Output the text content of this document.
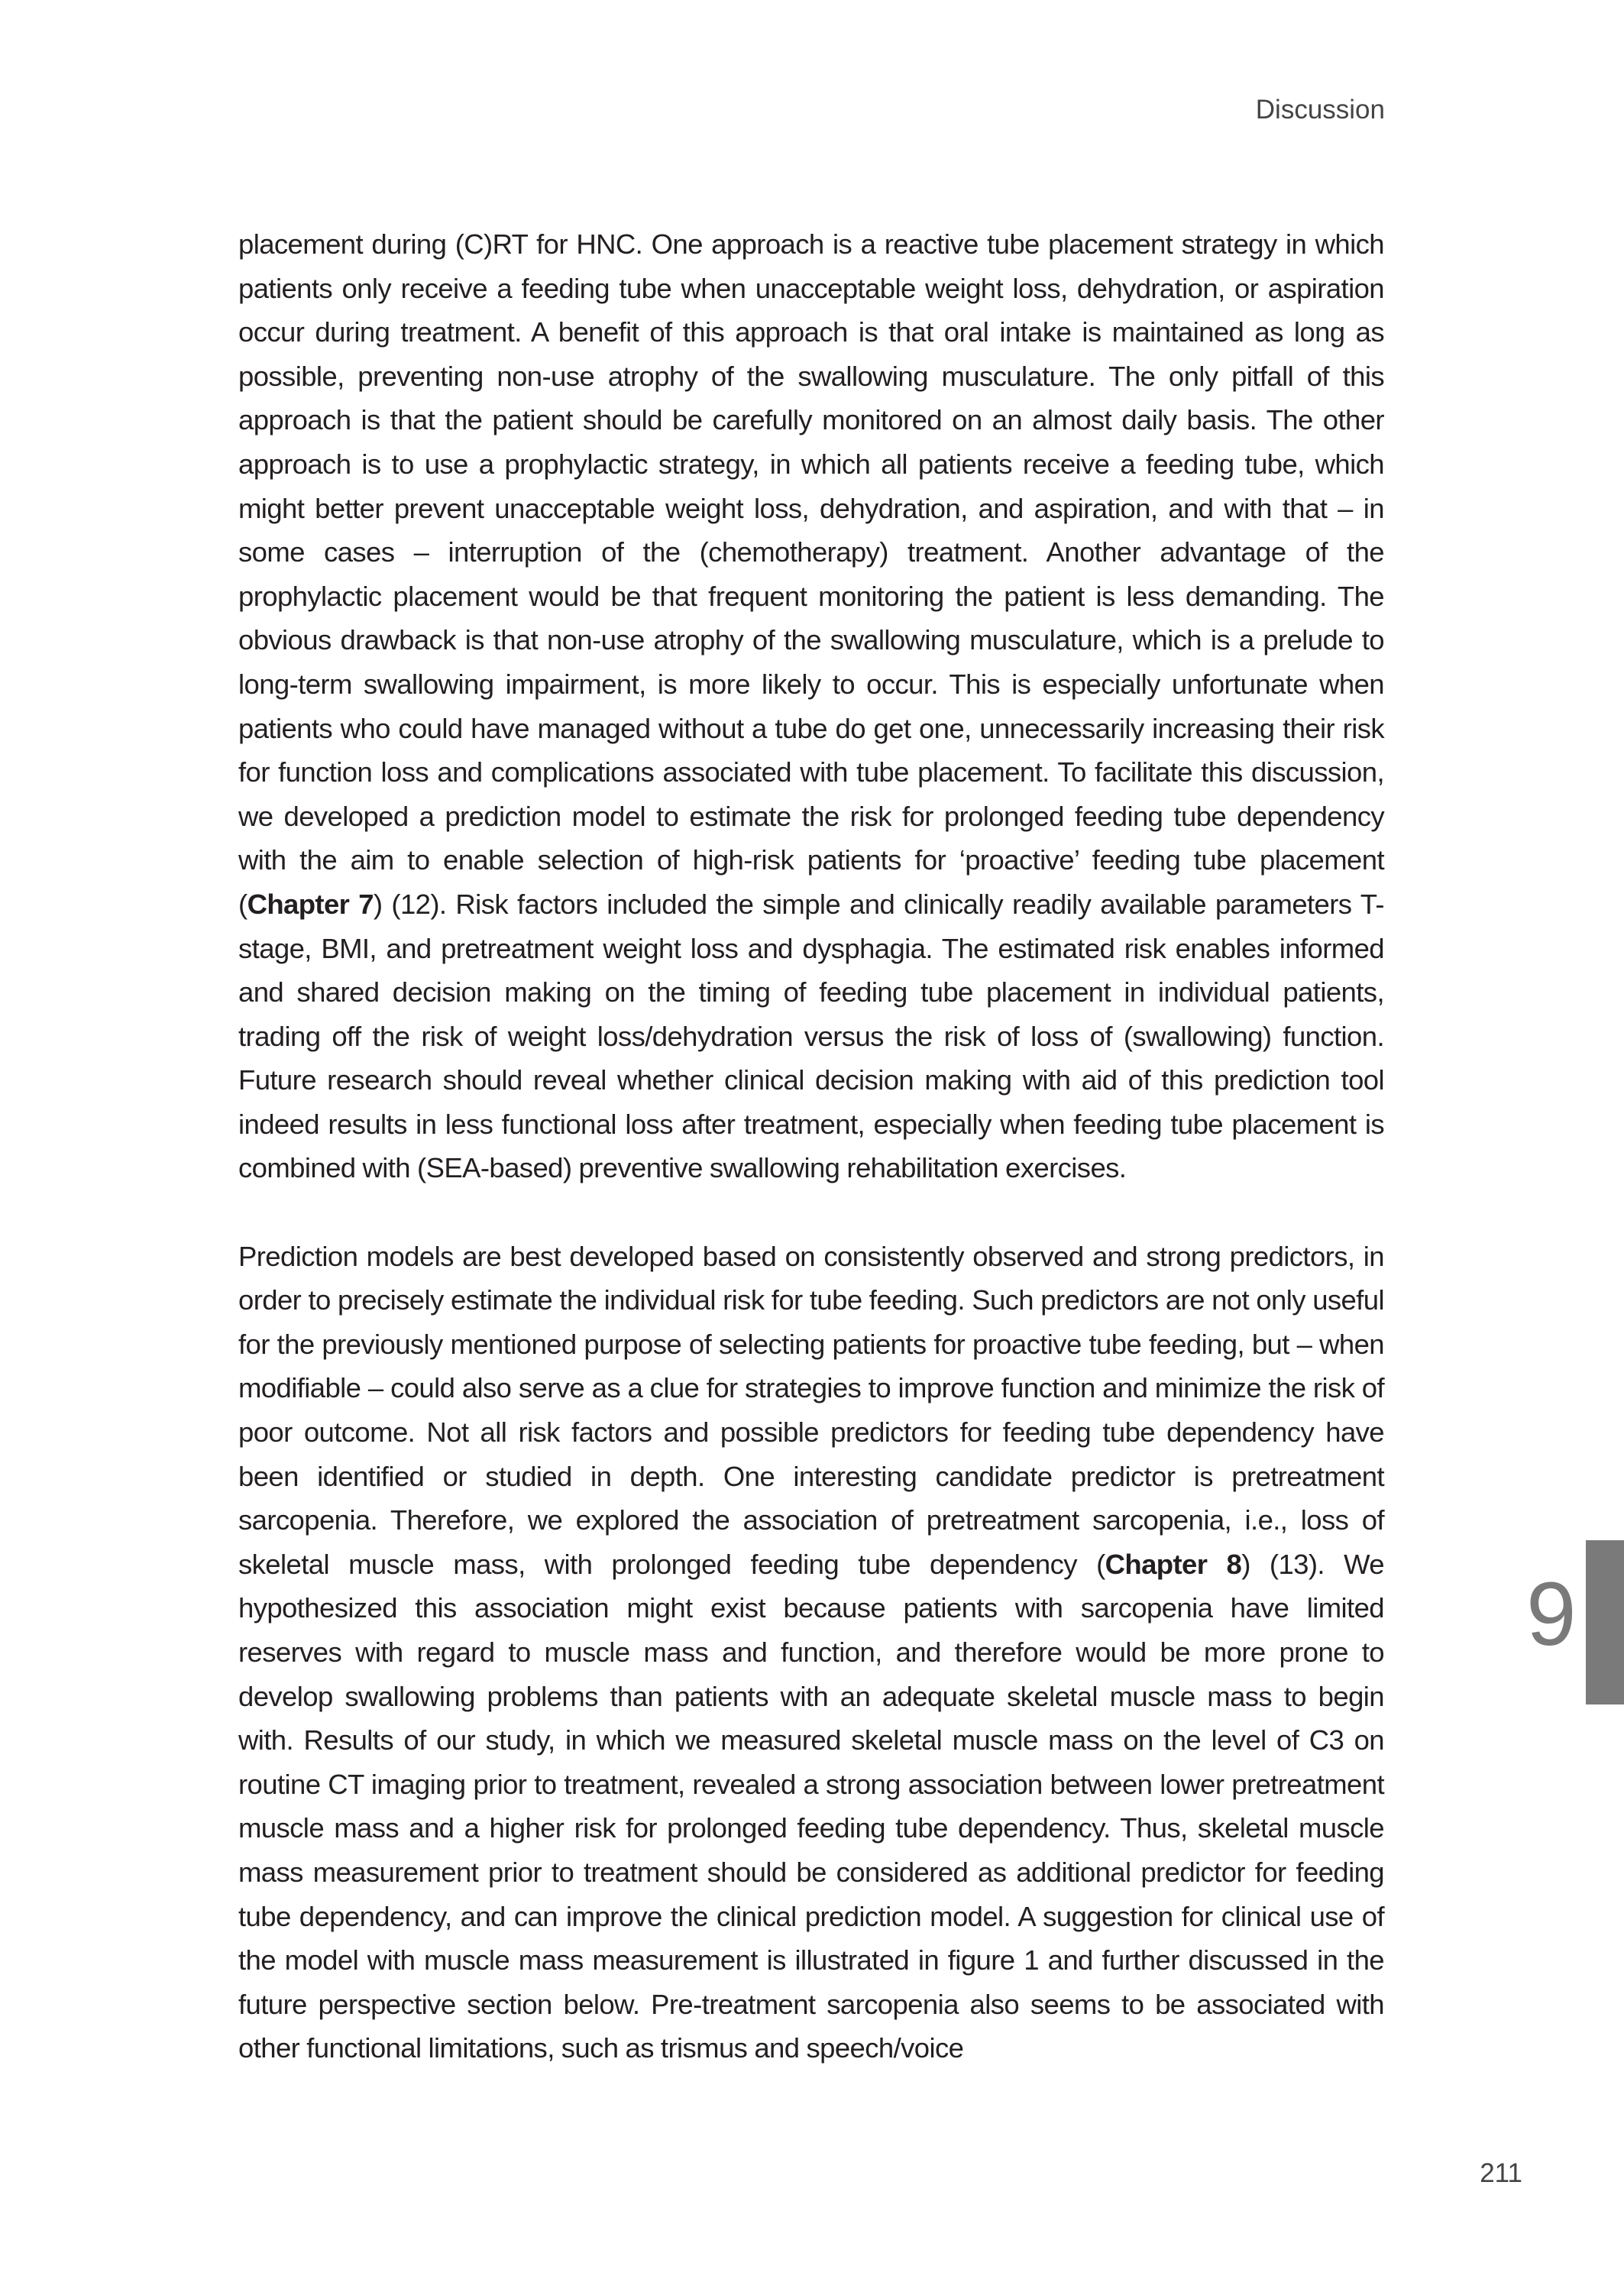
Discussion

placement during (C)RT for HNC. One approach is a reactive tube placement strategy in which patients only receive a feeding tube when unacceptable weight loss, dehydration, or aspiration occur during treatment. A benefit of this approach is that oral intake is maintained as long as possible, preventing non-use atrophy of the swallowing musculature. The only pitfall of this approach is that the patient should be carefully monitored on an almost daily basis. The other approach is to use a prophylactic strategy, in which all patients receive a feeding tube, which might better prevent unacceptable weight loss, dehydration, and aspiration, and with that – in some cases – interruption of the (chemotherapy) treatment. Another advantage of the prophylactic placement would be that frequent monitoring the patient is less demanding. The obvious drawback is that non-use atrophy of the swallowing musculature, which is a prelude to long-term swallowing impairment, is more likely to occur. This is especially unfortunate when patients who could have managed without a tube do get one, unnecessarily increasing their risk for function loss and complications associated with tube placement. To facilitate this discussion, we developed a prediction model to estimate the risk for prolonged feeding tube dependency with the aim to enable selection of high-risk patients for ‘proactive’ feeding tube placement (Chapter 7) (12). Risk factors included the simple and clinically readily available parameters T-stage, BMI, and pretreatment weight loss and dysphagia. The estimated risk enables informed and shared decision making on the timing of feeding tube placement in individual patients, trading off the risk of weight loss/dehydration versus the risk of loss of (swallowing) function. Future research should reveal whether clinical decision making with aid of this prediction tool indeed results in less functional loss after treatment, especially when feeding tube placement is combined with (SEA-based) preventive swallowing rehabilitation exercises.

Prediction models are best developed based on consistently observed and strong predictors, in order to precisely estimate the individual risk for tube feeding. Such predictors are not only useful for the previously mentioned purpose of selecting patients for proactive tube feeding, but – when modifiable – could also serve as a clue for strategies to improve function and minimize the risk of poor outcome. Not all risk factors and possible predictors for feeding tube dependency have been identified or studied in depth. One interesting candidate predictor is pretreatment sarcopenia. Therefore, we explored the association of pretreatment sarcopenia, i.e., loss of skeletal muscle mass, with prolonged feeding tube dependency (Chapter 8) (13). We hypothesized this association might exist because patients with sarcopenia have limited reserves with regard to muscle mass and function, and therefore would be more prone to develop swallowing problems than patients with an adequate skeletal muscle mass to begin with. Results of our study, in which we measured skeletal muscle mass on the level of C3 on routine CT imaging prior to treatment, revealed a strong association between lower pretreatment muscle mass and a higher risk for prolonged feeding tube dependency. Thus, skeletal muscle mass measurement prior to treatment should be considered as additional predictor for feeding tube dependency, and can improve the clinical prediction model. A suggestion for clinical use of the model with muscle mass measurement is illustrated in figure 1 and further discussed in the future perspective section below. Pre-treatment sarcopenia also seems to be associated with other functional limitations, such as trismus and speech/voice

9
211
